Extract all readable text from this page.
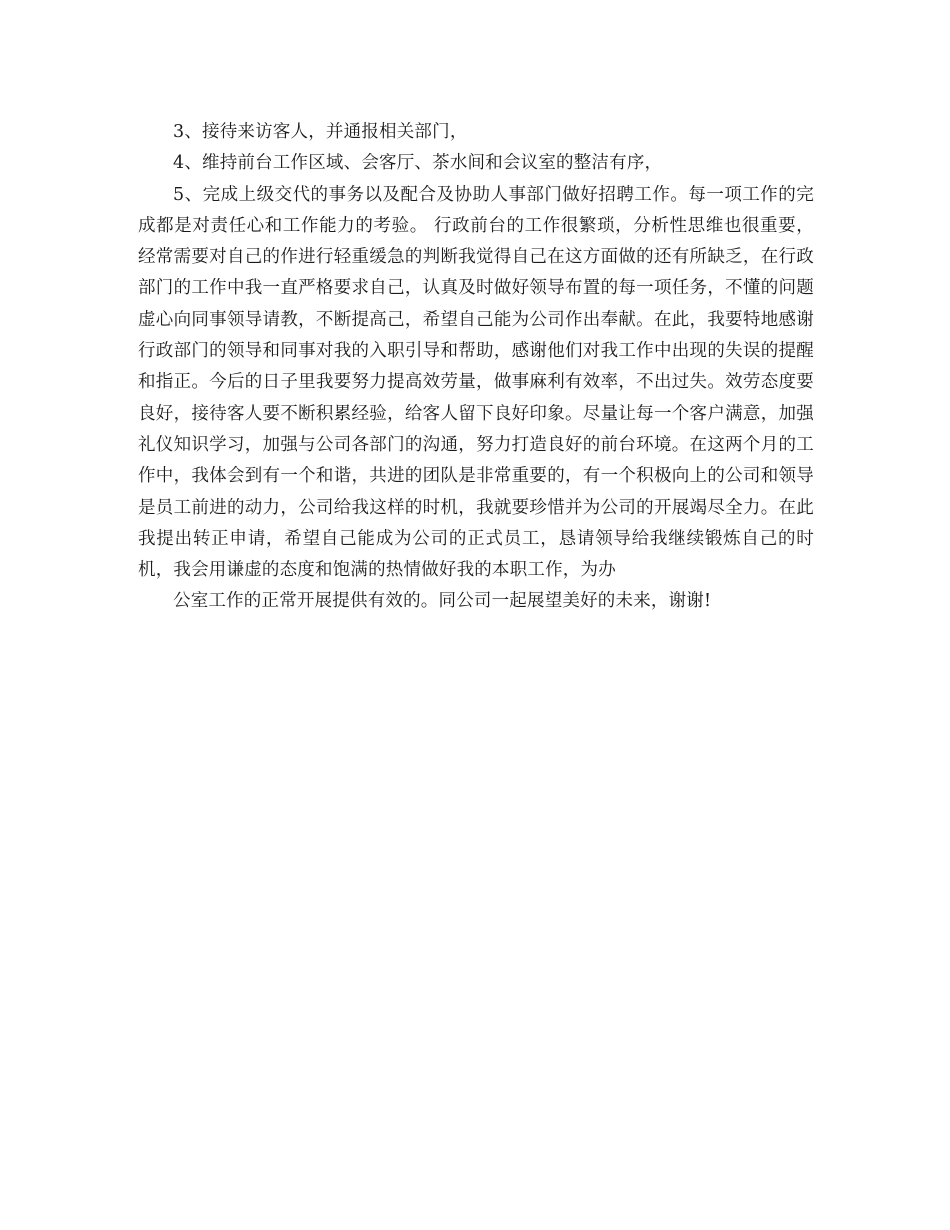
3、接待来访客人，并通报相关部门，

4、维持前台工作区域、会客厅、茶水间和会议室的整洁有序，

5、完成上级交代的事务以及配合及协助人事部门做好招聘工作。每一项工作的完成都是对责任心和工作能力的考验。 行政前台的工作很繁琐，分析性思维也很重要，经常需要对自己的作进行轻重缓急的判断我觉得自己在这方面做的还有所缺乏，在行政部门的工作中我一直严格要求自己，认真及时做好领导布置的每一项任务，不懂的问题虚心向同事领导请教，不断提高己，希望自己能为公司作出奉献。在此，我要特地感谢行政部门的领导和同事对我的入职引导和帮助，感谢他们对我工作中出现的失误的提醒和指正。今后的日子里我要努力提高效劳量，做事麻利有效率，不出过失。效劳态度要良好，接待客人要不断积累经验，给客人留下良好印象。尽量让每一个客户满意，加强礼仪知识学习，加强与公司各部门的沟通，努力打造良好的前台环境。在这两个月的工作中，我体会到有一个和谐，共进的团队是非常重要的，有一个积极向上的公司和领导是员工前进的动力，公司给我这样的时机，我就要珍惜并为公司的开展竭尽全力。在此我提出转正申请，希望自己能成为公司的正式员工，恳请领导给我继续锻炼自己的时机，我会用谦虚的态度和饱满的热情做好我的本职工作，为办

公室工作的正常开展提供有效的。同公司一起展望美好的未来，谢谢!
